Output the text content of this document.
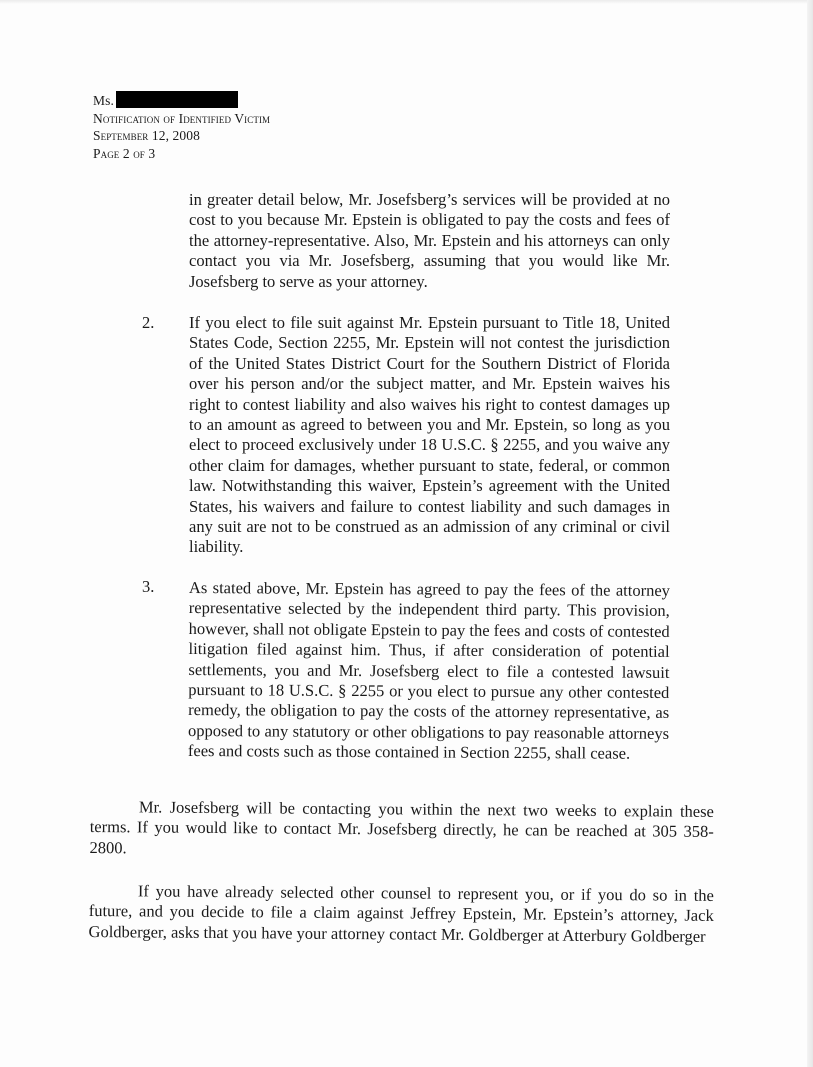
Ms.
Notification of Identified Victim
September 12, 2008
Page 2 of 3

in greater detail below, Mr. Josefsberg’s services will be provided at no cost to you because Mr. Epstein is obligated to pay the costs and fees of the attorney-representative. Also, Mr. Epstein and his attorneys can only contact you via Mr. Josefsberg, assuming that you would like Mr. Josefsberg to serve as your attorney.

2. If you elect to file suit against Mr. Epstein pursuant to Title 18, United States Code, Section 2255, Mr. Epstein will not contest the jurisdiction of the United States District Court for the Southern District of Florida over his person and/or the subject matter, and Mr. Epstein waives his right to contest liability and also waives his right to contest damages up to an amount as agreed to between you and Mr. Epstein, so long as you elect to proceed exclusively under 18 U.S.C. § 2255, and you waive any other claim for damages, whether pursuant to state, federal, or common law. Notwithstanding this waiver, Epstein’s agreement with the United States, his waivers and failure to contest liability and such damages in any suit are not to be construed as an admission of any criminal or civil liability.

3. As stated above, Mr. Epstein has agreed to pay the fees of the attorney representative selected by the independent third party. This provision, however, shall not obligate Epstein to pay the fees and costs of contested litigation filed against him. Thus, if after consideration of potential settlements, you and Mr. Josefsberg elect to file a contested lawsuit pursuant to 18 U.S.C. § 2255 or you elect to pursue any other contested remedy, the obligation to pay the costs of the attorney representative, as opposed to any statutory or other obligations to pay reasonable attorneys fees and costs such as those contained in Section 2255, shall cease.

Mr. Josefsberg will be contacting you within the next two weeks to explain these terms. If you would like to contact Mr. Josefsberg directly, he can be reached at 305 358-2800.

If you have already selected other counsel to represent you, or if you do so in the future, and you decide to file a claim against Jeffrey Epstein, Mr. Epstein’s attorney, Jack Goldberger, asks that you have your attorney contact Mr. Goldberger at Atterbury Goldberger
